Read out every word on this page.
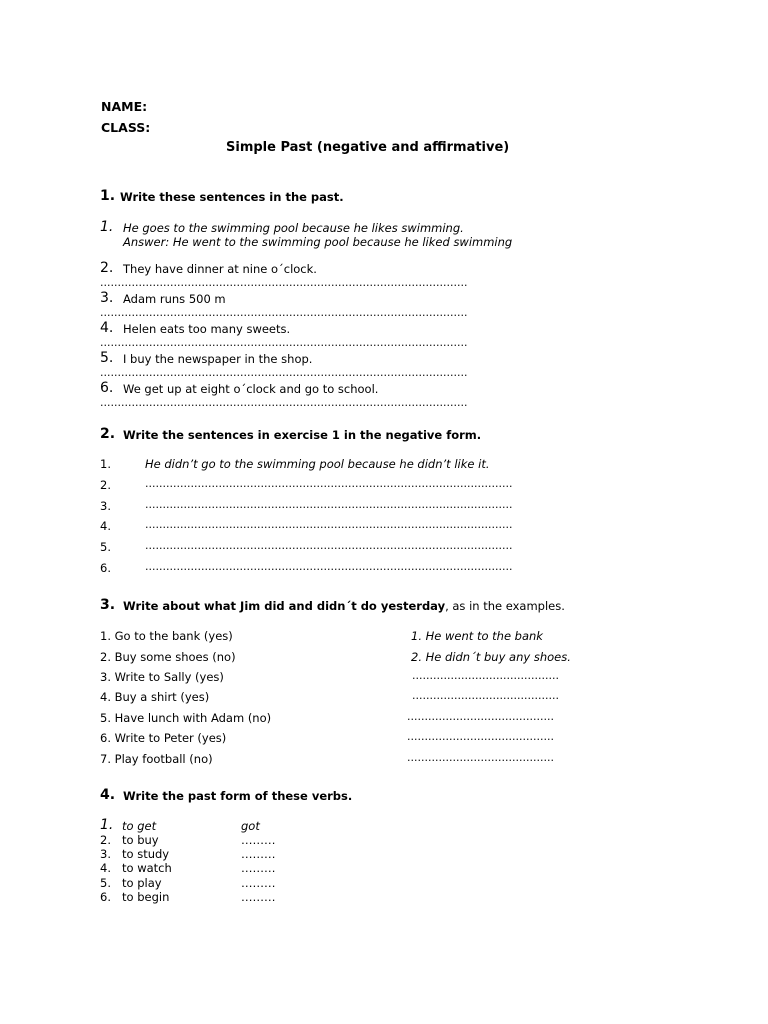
NAME:
CLASS:
Simple Past (negative and affirmative)
1. Write these sentences in the past.
1. He goes to the swimming pool because he likes swimming.
Answer: He went to the swimming pool because he liked swimming
2. They have dinner at nine o´clock.
……………………………………………………………………………………………
3. Adam runs 500 m
……………………………………………………………………………………………
4. Helen eats too many sweets.
……………………………………………………………………………………………
5. I buy the newspaper in the shop.
……………………………………………………………………………………………
6. We get up at eight o´clock and go to school.
……………………………………………………………………………………………
2. Write the sentences in exercise 1 in the negative form.
1.	He didn’t go to the swimming pool because he didn’t like it.
2.	……………………………………………………………………………………………
3.	……………………………………………………………………………………………
4.	……………………………………………………………………………………………
5.	……………………………………………………………………………………………
6.	……………………………………………………………………………………………
3. Write about what Jim did and didn´t do yesterday, as in the examples.
1. Go to the bank (yes)	1. He went to the bank
2. Buy some shoes (no)	2. He didn´t buy any shoes.
3. Write to Sally (yes)	……………………………………
4. Buy a shirt (yes)	……………………………………
5. Have lunch with Adam (no)	……………………………………
6. Write to Peter (yes)	……………………………………
7. Play football (no)	……………………………………
4. Write the past form of these verbs.
1. to get	got
2. to buy	………
3. to study	………
4. to watch	………
5. to play	………
6. to begin	………
